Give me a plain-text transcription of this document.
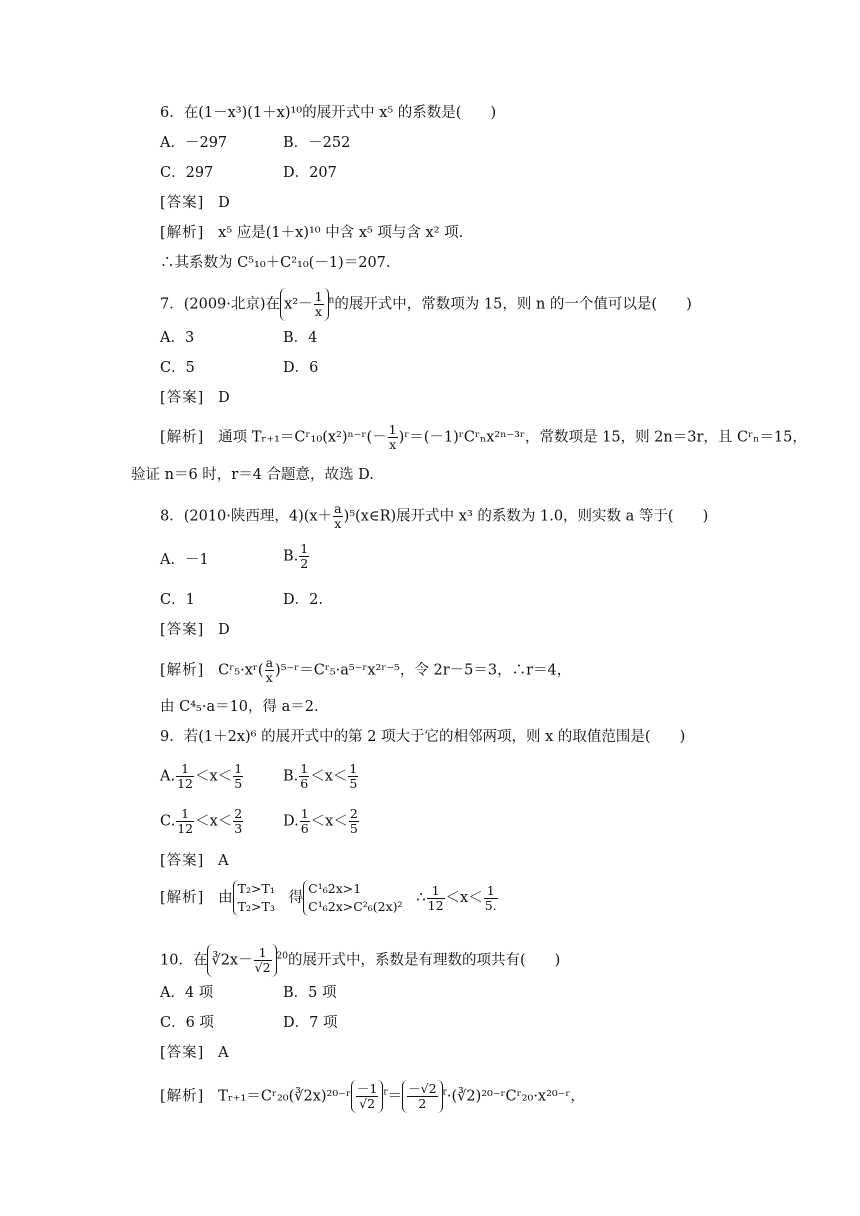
6．在(1－x³)(1＋x)¹⁰的展开式中 x⁵ 的系数是(　　)
A．－297	B．－252
C．297	D．207
[答案] D
[解析] x⁵ 应是(1＋x)¹⁰ 中含 x⁵ 项与含 x² 项.
∴其系数为 C⁵₁₀＋C²₁₀(－1)＝207.
7．(2009·北京)在 $x^2- \frac{1}{x} ^n$的展开式中，常数项为 15，则 n 的一个值可以是(　　)
A．3	B．4
C．5	D．6
[答案] D
[解析] 通项 Tᵣ₊₁＝Cʳ₁₀(x²)ⁿ⁻ʳ(－ $\frac{1}{x}$ )ʳ＝(－1)ʳCʳₙx²ⁿ⁻³ʳ，常数项是 15，则 2n＝3r，且 Cʳₙ＝15，
验证 n＝6 时，r＝4 合题意，故选 D.
8．(2010·陕西理，$4)(x+ \frac{a}{x}$ )⁵(x∈R)展开式中 x³ 的系数为 1.0，则实数 a 等于(　　)
A．－1	B. $\frac{1}{2}$
C．1	D．2.
[答案] D
[解析] Cʳ₅·xʳ( $\frac{a}{x}$ )⁵⁻ʳ＝Cʳ₅·a⁵⁻ʳx²ʳ⁻⁵，令 2r－5＝3，∴r＝4，
由 C⁴₅·a＝10，得 a＝2.
9．若(1＋2x)⁶ 的展开式中的第 2 项大于它的相邻两项，则 x 的取值范围是(　　)
A. $\frac{1}{12} <x< \frac{1}{5}$	B. $\frac{1}{6} <x< \frac{1}{5}$
C. $\frac{1}{12} <x< \frac{2}{3}$	D. $\frac{1}{6} <x< \frac{2}{5}$
[答案] A
[解析] 由T₂>T₁
T₂>T₃   得C¹₆2x>1
C¹₆2x>C²₆(2x)²   ∴ $\frac{1}{12} <x< \frac{1}{5.}$
10．在 ∛2x－ $\frac{1}{√2} ^{20}$的展开式中，系数是有理数的项共有(　　)
A．4 项	B．5 项
C．6 项	D．7 项
[答案] A
[解析] Tᵣ₊₁＝Cʳ₂₀(∛2x)²⁰⁻ʳ $\frac{-1}{√2} ^r= \frac{-√2}{2}$ $^r$·(∛2)²⁰⁻ʳCʳ₂₀·x²⁰⁻ʳ，
